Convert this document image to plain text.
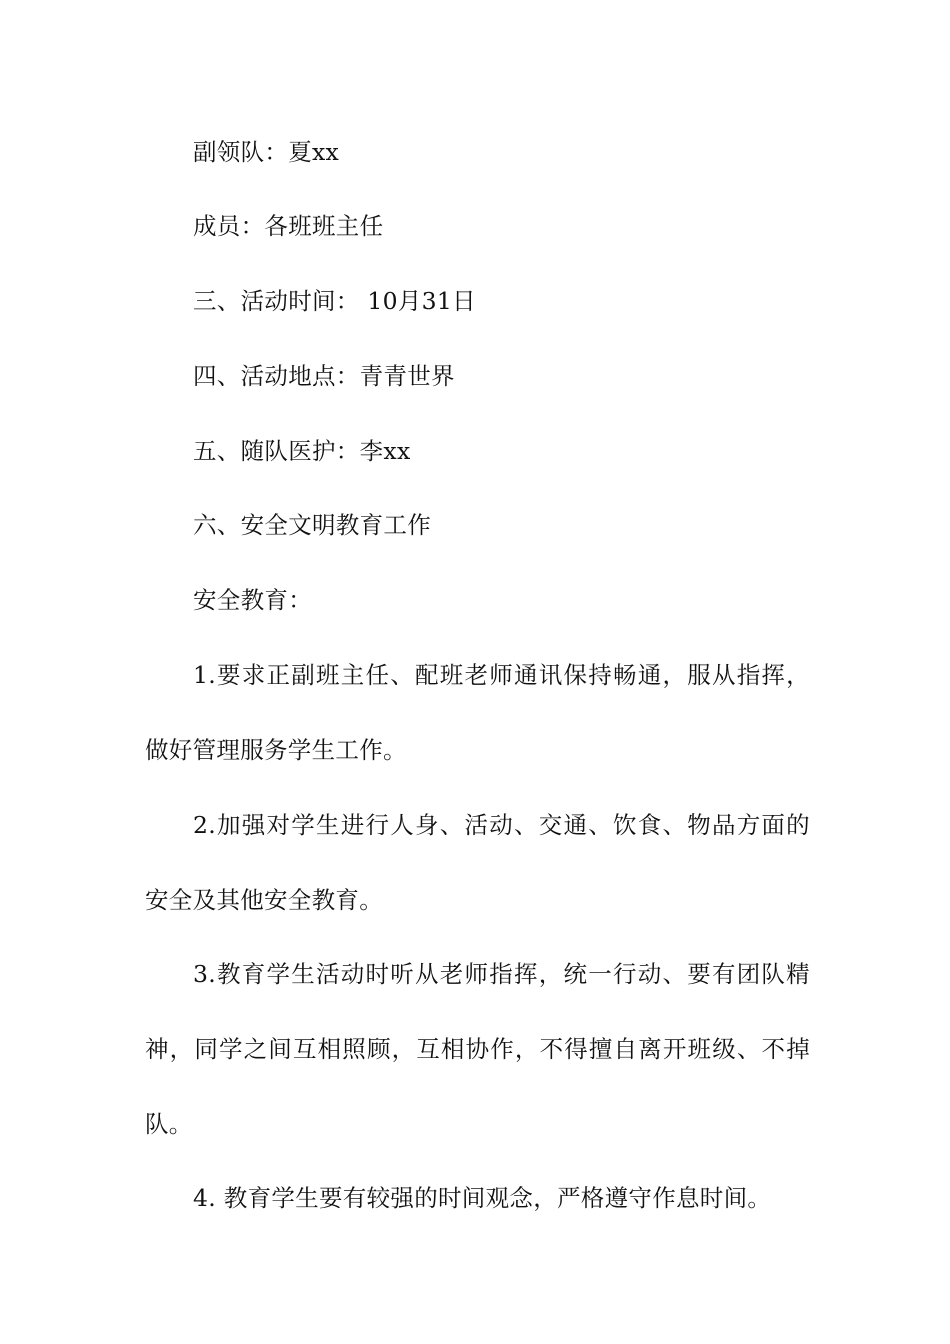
副领队：夏xx

成员：各班班主任

三、活动时间： 10月31日

四、活动地点：青青世界

五、随队医护：李xx

六、安全文明教育工作

安全教育：

1.要求正副班主任、配班老师通讯保持畅通，服从指挥，做好管理服务学生工作。

2.加强对学生进行人身、活动、交通、饮食、物品方面的安全及其他安全教育。

3.教育学生活动时听从老师指挥，统一行动、要有团队精神，同学之间互相照顾，互相协作，不得擅自离开班级、不掉队。

4. 教育学生要有较强的时间观念，严格遵守作息时间。
